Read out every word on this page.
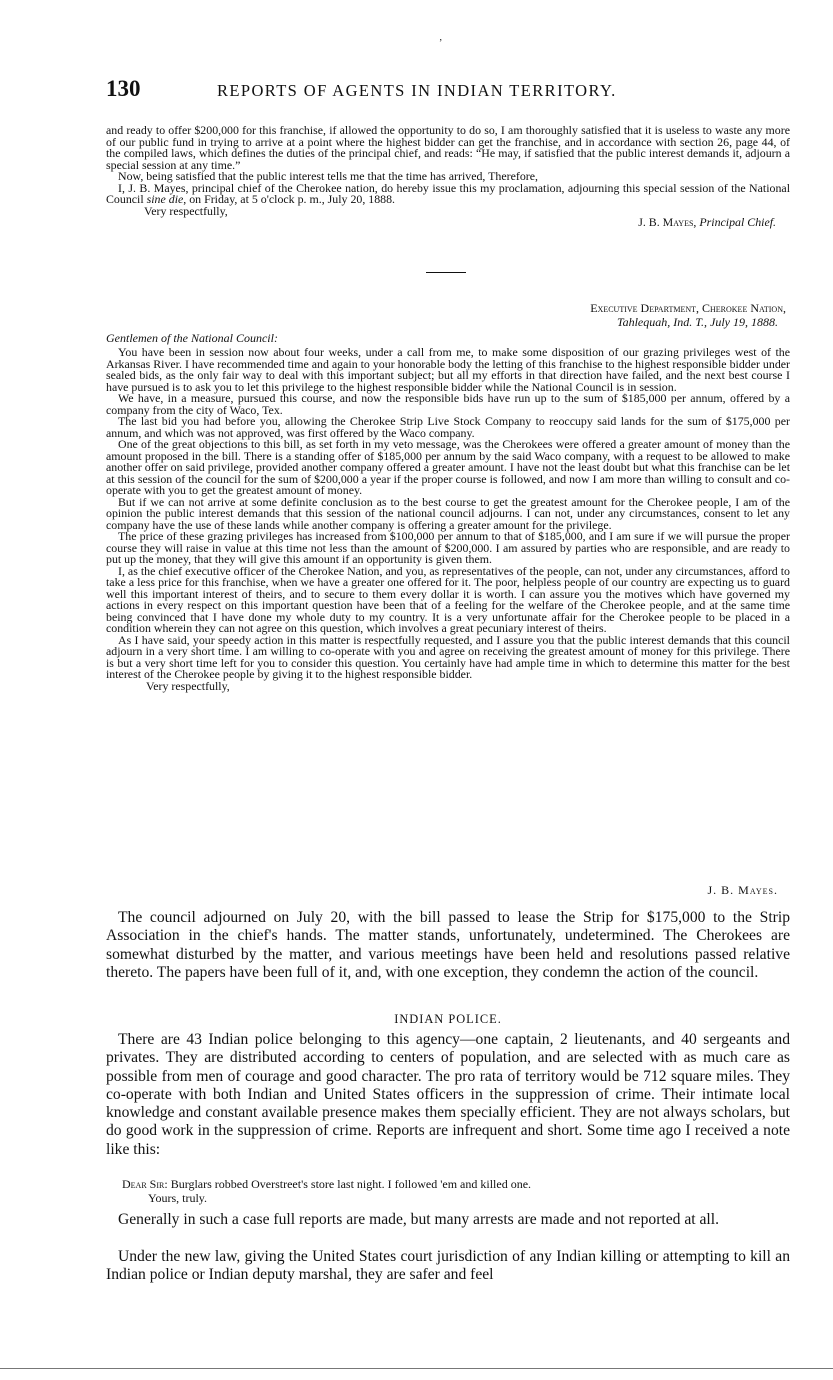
ʼ
130	REPORTS OF AGENTS IN INDIAN TERRITORY.

and ready to offer $200,000 for this franchise, if allowed the opportunity to do so, I am thoroughly satisfied that it is useless to waste any more of our public fund in trying to arrive at a point where the highest bidder can get the franchise, and in accordance with section 26, page 44, of the compiled laws, which defines the duties of the principal chief, and reads: “He may, if satisfied that the public interest demands it, adjourn a special session at any time.”

Now, being satisfied that the public interest tells me that the time has arrived, Therefore,

I, J. B. Mayes, principal chief of the Cherokee nation, do hereby issue this my proclamation, adjourning this special session of the National Council sine die, on Friday, at 5 o'clock p. m., July 20, 1888.

Very respectfully,

J. B. Mayes, Principal Chief.

Executive Department, Cherokee Nation,
Tahlequah, Ind. T., July 19, 1888.
Gentlemen of the National Council:

You have been in session now about four weeks, under a call from me, to make some disposition of our grazing privileges west of the Arkansas River. I have recommended time and again to your honorable body the letting of this franchise to the highest responsible bidder under sealed bids, as the only fair way to deal with this important subject; but all my efforts in that direction have failed, and the next best course I have pursued is to ask you to let this privilege to the highest responsible bidder while the National Council is in session.

We have, in a measure, pursued this course, and now the responsible bids have run up to the sum of $185,000 per annum, offered by a company from the city of Waco, Tex.

The last bid you had before you, allowing the Cherokee Strip Live Stock Company to reoccupy said lands for the sum of $175,000 per annum, and which was not approved, was first offered by the Waco company.

One of the great objections to this bill, as set forth in my veto message, was the Cherokees were offered a greater amount of money than the amount proposed in the bill. There is a standing offer of $185,000 per annum by the said Waco company, with a request to be allowed to make another offer on said privilege, provided another company offered a greater amount. I have not the least doubt but what this franchise can be let at this session of the council for the sum of $200,000 a year if the proper course is followed, and now I am more than willing to consult and co-operate with you to get the greatest amount of money.

But if we can not arrive at some definite conclusion as to the best course to get the greatest amount for the Cherokee people, I am of the opinion the public interest demands that this session of the national council adjourns. I can not, under any circumstances, consent to let any company have the use of these lands while another company is offering a greater amount for the privilege.

The price of these grazing privileges has increased from $100,000 per annum to that of $185,000, and I am sure if we will pursue the proper course they will raise in value at this time not less than the amount of $200,000. I am assured by parties who are responsible, and are ready to put up the money, that they will give this amount if an opportunity is given them.

I, as the chief executive officer of the Cherokee Nation, and you, as representatives of the people, can not, under any circumstances, afford to take a less price for this franchise, when we have a greater one offered for it. The poor, helpless people of our country are expecting us to guard well this important interest of theirs, and to secure to them every dollar it is worth. I can assure you the motives which have governed my actions in every respect on this important question have been that of a feeling for the welfare of the Cherokee people, and at the same time being convinced that I have done my whole duty to my country. It is a very unfortunate affair for the Cherokee people to be placed in a condition wherein they can not agree on this question, which involves a great pecuniary interest of theirs.

As I have said, your speedy action in this matter is respectfully requested, and I assure you that the public interest demands that this council adjourn in a very short time. I am willing to co-operate with you and agree on receiving the greatest amount of money for this privilege. There is but a very short time left for you to consider this question. You certainly have had ample time in which to determine this matter for the best interest of the Cherokee people by giving it to the highest responsible bidder.

Very respectfully,

J. B. Mayes.

The council adjourned on July 20, with the bill passed to lease the Strip for $175,000 to the Strip Association in the chief's hands. The matter stands, unfortunately, undetermined. The Cherokees are somewhat disturbed by the matter, and various meetings have been held and resolutions passed relative thereto. The papers have been full of it, and, with one exception, they condemn the action of the council.

INDIAN POLICE.

There are 43 Indian police belonging to this agency—one captain, 2 lieutenants, and 40 sergeants and privates. They are distributed according to centers of population, and are selected with as much care as possible from men of courage and good character. The pro rata of territory would be 712 square miles. They co-operate with both Indian and United States officers in the suppression of crime. Their intimate local knowledge and constant available presence makes them specially efficient. They are not always scholars, but do good work in the suppression of crime. Reports are infrequent and short. Some time ago I received a note like this:

Dear Sir: Burglars robbed Overstreet's store last night. I followed 'em and killed one.
Yours, truly.

Generally in such a case full reports are made, but many arrests are made and not reported at all.

Under the new law, giving the United States court jurisdiction of any Indian killing or attempting to kill an Indian police or Indian deputy marshal, they are safer and feel
